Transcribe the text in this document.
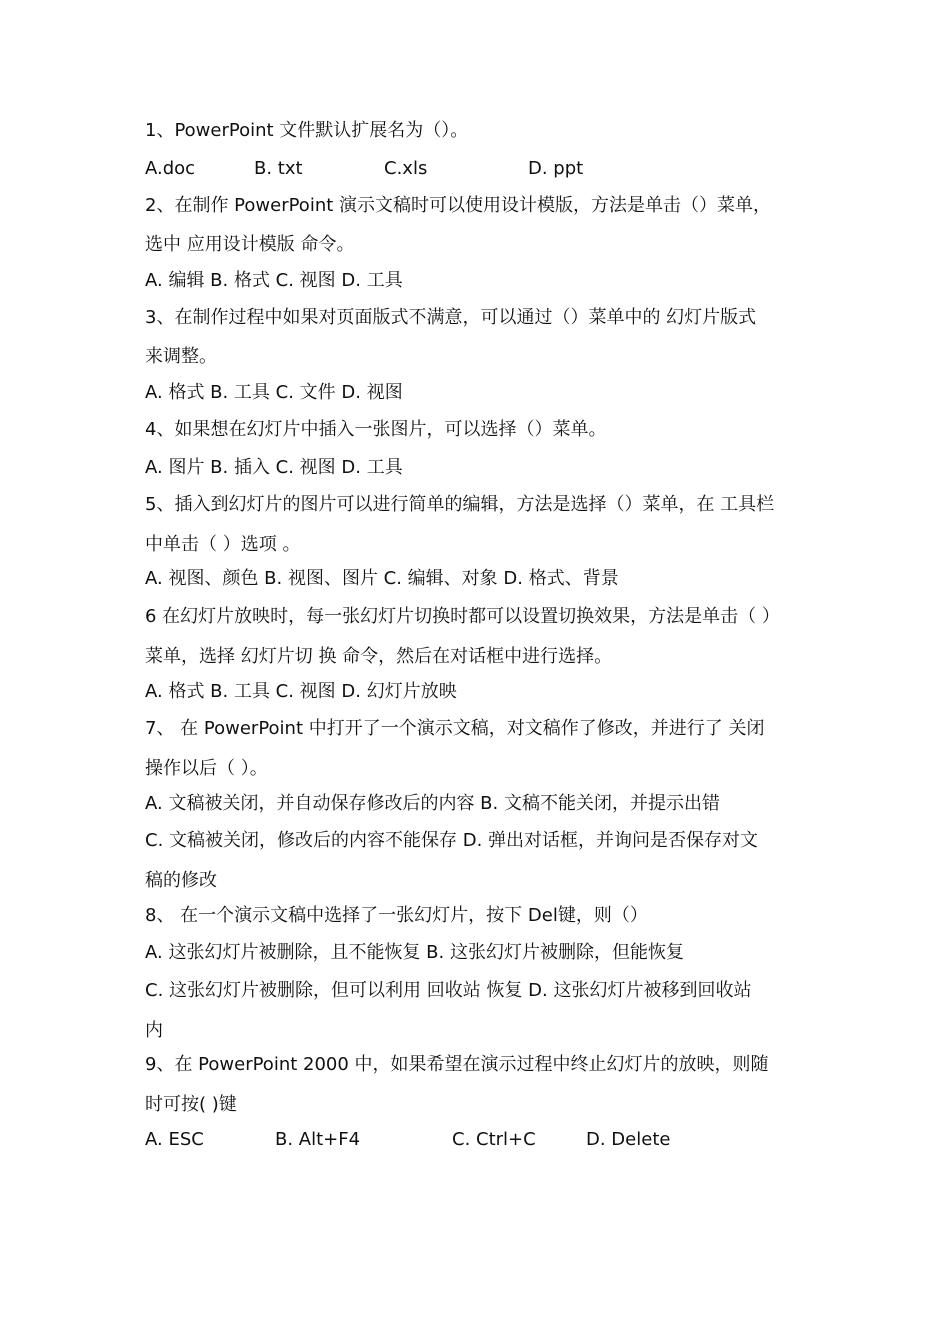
1、PowerPoint 文件默认扩展名为（）。
A.doc	B. txt	C.xls	D. ppt
2、在制作 PowerPoint 演示文稿时可以使用设计模版，方法是单击（）菜单，
选中 应用设计模版 命令。
A. 编辑 B. 格式 C. 视图 D. 工具
3、在制作过程中如果对页面版式不满意，可以通过（）菜单中的 幻灯片版式
来调整。
A. 格式 B. 工具 C. 文件 D. 视图
4、如果想在幻灯片中插入一张图片，可以选择（）菜单。
A. 图片 B. 插入 C. 视图 D. 工具
5、插入到幻灯片的图片可以进行简单的编辑，方法是选择（）菜单，在 工具栏
中单击（ ）选项 。
A. 视图、颜色 B. 视图、图片 C. 编辑、对象 D. 格式、背景
6 在幻灯片放映时，每一张幻灯片切换时都可以设置切换效果，方法是单击（ ）
菜单，选择 幻灯片切 换 命令，然后在对话框中进行选择。
A. 格式 B. 工具 C. 视图 D. 幻灯片放映
7、 在 PowerPoint 中打开了一个演示文稿，对文稿作了修改，并进行了 关闭
操作以后（ ）。
A. 文稿被关闭，并自动保存修改后的内容 B. 文稿不能关闭，并提示出错
C. 文稿被关闭，修改后的内容不能保存 D. 弹出对话框，并询问是否保存对文
稿的修改
8、 在一个演示文稿中选择了一张幻灯片，按下 Del键，则（）
A. 这张幻灯片被删除，且不能恢复 B. 这张幻灯片被删除，但能恢复
C. 这张幻灯片被删除，但可以利用 回收站 恢复 D. 这张幻灯片被移到回收站
内
9、在 PowerPoint 2000 中，如果希望在演示过程中终止幻灯片的放映，则随
时可按( )键
A. ESC	B. Alt+F4	C. Ctrl+C	D. Delete
